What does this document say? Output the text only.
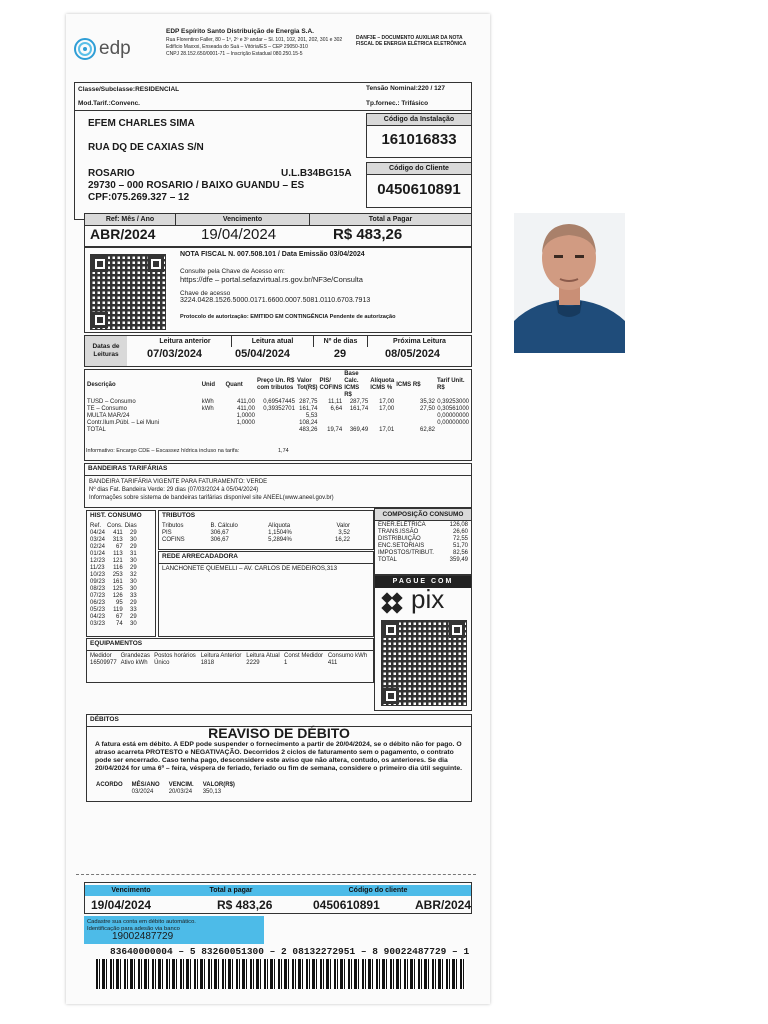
edp
EDP Espírito Santo Distribuição de Energia S.A.
Rua Florentino Faller, 80 – 1º, 2º e 3º andar – Sl. 101, 102, 201, 202, 301 e 302
Edifício Maxxxi, Enseada do Suá – Vitória/ES – CEP 29050-310
CNPJ 28.152.650/0001-71 – Inscrição Estadual 080.250.15-5
DANF3E – DOCUMENTO AUXILIAR DA NOTA FISCAL DE ENERGIA ELÉTRICA ELETRÔNICA
Classe/Subclasse:RESIDENCIAL	Tensão Nominal:220 / 127
Mod.Tarif.:Convenc.	Tp.fornec.: Trifásico
EFEM CHARLES SIMA
RUA DQ DE CAXIAS S/N
ROSARIO	U.L.B34BG15A
29730 – 000 ROSARIO / BAIXO GUANDU – ES
CPF:075.269.327 – 12
Código da Instalação
161016833
Código do Cliente
0450610891
Ref: Mês / Ano
ABR/2024
Vencimento
19/04/2024
Total a Pagar
R$ 483,26
NOTA FISCAL N. 007.508.101 / Data Emissão 03/04/2024
Consulte pela Chave de Acesso em:
https://dfe – portal.sefazvirtual.rs.gov.br/NF3e/Consulta
Chave de acesso
3224.0428.1526.5000.0171.6600.0007.5081.0110.6703.7913
Protocolo de autorização: EMITIDO EM CONTINGÊNCIA Pendente de autorização
Datas de Leituras
Leitura anterior
07/03/2024
Leitura atual
05/04/2024
Nº de dias
29
Próxima Leitura
08/05/2024
Descrição	Unid	Quant	Preço Un. R$ com tributos	Valor Tot(R$)	PIS/ COFINS	Base Calc. ICMS R$	Alíquota ICMS %	ICMS R$	Tarif Unit. R$
TUSD – Consumo	kWh	411,00	0,69547445	287,75	11,11	287,75	17,00	35,32	0,39253000
TE – Consumo	kWh	411,00	0,39352701	161,74	6,64	161,74	17,00	27,50	0,30561000
MULTA MAR/24		1,0000		5,53					0,00000000
Contr.Ilum.Públ. – Lei Muni		1,0000		108,24					0,00000000
TOTAL				483,26	19,74	369,49	17,01	62,82	
Informativo: Encargo CDE – Escassez hídrica incluso na tarifa:	1,74
BANDEIRAS TARIFÁRIAS
BANDEIRA TARIFÁRIA VIGENTE PARA FATURAMENTO: VERDE
Nº dias Fat. Bandeira Verde: 29 dias (07/03/2024 à 05/04/2024)
Informações sobre sistema de bandeiras tarifárias disponível site ANEEL(www.aneel.gov.br)
HIST. CONSUMO
Ref.	Cons.	Dias
04/24	411	29
03/24	313	30
02/24	67	29
01/24	113	31
12/23	121	30
11/23	116	29
10/23	253	32
09/23	161	30
08/23	125	30
07/23	126	33
06/23	95	29
05/23	119	33
04/23	67	29
03/23	74	30
TRIBUTOS
Tributos	B. Cálculo	Alíquota	Valor
PIS	306,67	1,1504%	3,52
COFINS	306,67	5,2894%	16,22
REDE ARRECADADORA
LANCHONETE QUEMELLI – AV. CARLOS DE MEDEIROS,313
COMPOSIÇÃO CONSUMO
ENER.ELÉTRICA	126,08
TRANS.ISSÃO	26,60
DISTRIBUIÇÃO	72,55
ENC.SETORIAIS	51,70
IMPOSTOS/TRIBUT.	82,56
TOTAL	359,49
PAGUE COM
pix
EQUIPAMENTOS
Medidor	Grandezas	Postos horários	Leitura Anterior	Leitura Atual	Const Medidor	Consumo kWh
16509977	Ativo kWh	Único	1818	2229	1	411
DÉBITOS
REAVISO DE DÉBITO
A fatura está em débito. A EDP pode suspender o fornecimento a partir de 20/04/2024, se o débito não for pago. O atraso acarreta PROTESTO e NEGATIVAÇÃO. Decorridos 2 ciclos de faturamento sem o pagamento, o contrato pode ser encerrado. Caso tenha pago, desconsidere este aviso que não altera, contudo, os anteriores. Se dia 20/04/2024 for uma 6ª – feira, véspera de feriado, feriado ou fim de semana, considere o primeiro dia útil seguinte.
ACORDO	MÊS/ANO	VENCIM.	VALOR(R$)
	03/2024	20/03/24	350,13
Vencimento
19/04/2024
Total a pagar
R$ 483,26
Código do cliente
0450610891	ABR/2024
Cadastre sua conta em débito automático.
Identificação para adesão via banco
19002487729
83640000004 – 5 83260051300 – 2 08132272951 – 8 90022487729 – 1
